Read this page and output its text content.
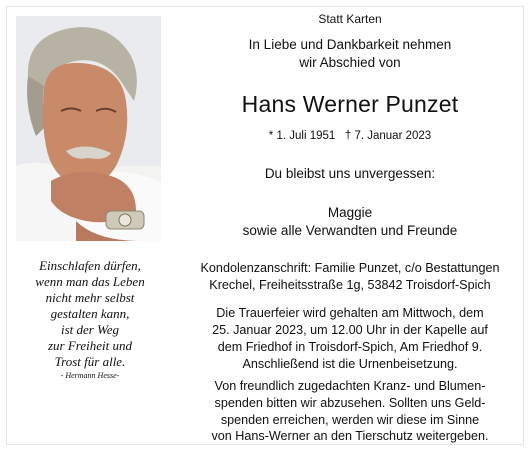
Einschlafen dürfen,
wenn man das Leben
nicht mehr selbst
gestalten kann,
ist der Weg
zur Freiheit und
Trost für alle.
- Hermann Hesse-
Statt Karten
In Liebe und Dankbarkeit nehmen
wir Abschied von
Hans Werner Punzet
* 1. Juli 1951   † 7. Januar 2023
Du bleibst uns unvergessen:
Maggie
sowie alle Verwandten und Freunde
Kondolenzanschrift: Familie Punzet, c/o Bestattungen
Krechel, Freiheitsstraße 1g, 53842 Troisdorf-Spich
Die Trauerfeier wird gehalten am Mittwoch, dem
25. Januar 2023, um 12.00 Uhr in der Kapelle auf
dem Friedhof in Troisdorf-Spich, Am Friedhof 9.
Anschließend ist die Urnenbeisetzung.
Von freundlich zugedachten Kranz- und Blumen-
spenden bitten wir abzusehen. Sollten uns Geld-
spenden erreichen, werden wir diese im Sinne
von Hans-Werner an den Tierschutz weitergeben.
